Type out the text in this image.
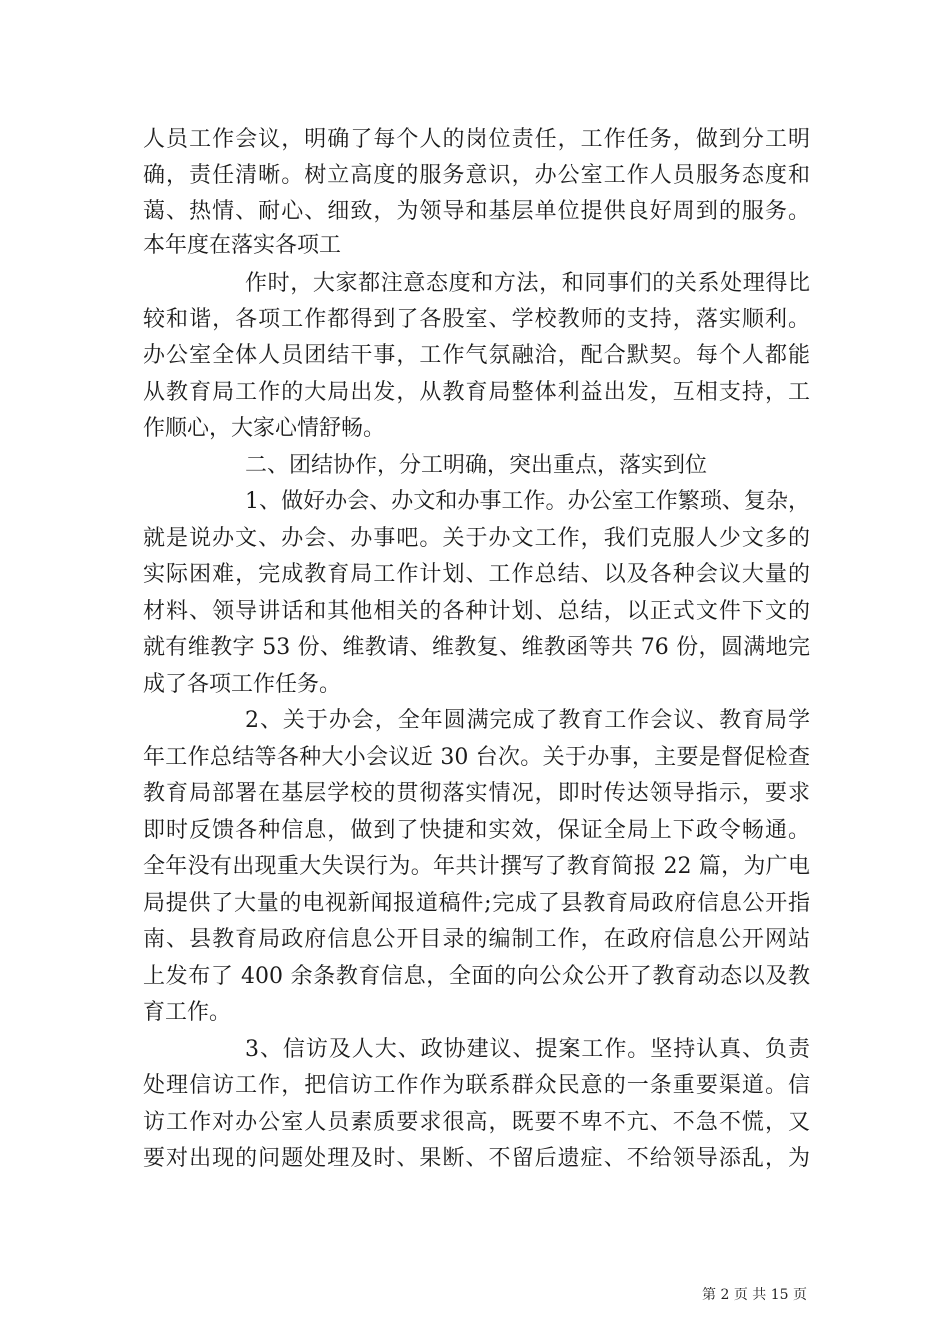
人员工作会议，明确了每个人的岗位责任，工作任务，做到分工明
确，责任清晰。树立高度的服务意识，办公室工作人员服务态度和
蔼、热情、耐心、细致，为领导和基层单位提供良好周到的服务。
本年度在落实各项工
作时，大家都注意态度和方法，和同事们的关系处理得比
较和谐，各项工作都得到了各股室、学校教师的支持，落实顺利。
办公室全体人员团结干事，工作气氛融洽，配合默契。每个人都能
从教育局工作的大局出发，从教育局整体利益出发，互相支持，工
作顺心，大家心情舒畅。
二、团结协作，分工明确，突出重点，落实到位
1、做好办会、办文和办事工作。办公室工作繁琐、复杂，
就是说办文、办会、办事吧。关于办文工作，我们克服人少文多的
实际困难，完成教育局工作计划、工作总结、以及各种会议大量的
材料、领导讲话和其他相关的各种计划、总结，以正式文件下文的
就有维教字 53 份、维教请、维教复、维教函等共 76 份，圆满地完
成了各项工作任务。
2、关于办会，全年圆满完成了教育工作会议、教育局学
年工作总结等各种大小会议近 30 台次。关于办事，主要是督促检查
教育局部署在基层学校的贯彻落实情况，即时传达领导指示，要求
即时反馈各种信息，做到了快捷和实效，保证全局上下政令畅通。
全年没有出现重大失误行为。年共计撰写了教育简报 22 篇，为广电
局提供了大量的电视新闻报道稿件;完成了县教育局政府信息公开指
南、县教育局政府信息公开目录的编制工作，在政府信息公开网站
上发布了 400 余条教育信息，全面的向公众公开了教育动态以及教
育工作。
3、信访及人大、政协建议、提案工作。坚持认真、负责
处理信访工作，把信访工作作为联系群众民意的一条重要渠道。信
访工作对办公室人员素质要求很高，既要不卑不亢、不急不慌，又
要对出现的问题处理及时、果断、不留后遗症、不给领导添乱，为
第 2 页 共 15 页
